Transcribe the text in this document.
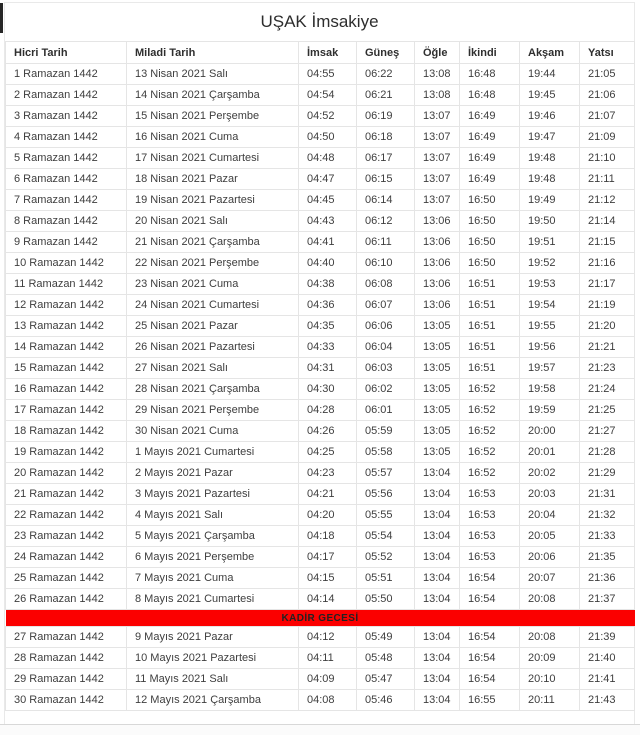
UŞAK İmsakiye
Hicri Tarih	Miladi Tarih	İmsak	Güneş	Öğle	İkindi	Akşam	Yatsı
1 Ramazan 1442	13 Nisan 2021 Salı	04:55	06:22	13:08	16:48	19:44	21:05
2 Ramazan 1442	14 Nisan 2021 Çarşamba	04:54	06:21	13:08	16:48	19:45	21:06
3 Ramazan 1442	15 Nisan 2021 Perşembe	04:52	06:19	13:07	16:49	19:46	21:07
4 Ramazan 1442	16 Nisan 2021 Cuma	04:50	06:18	13:07	16:49	19:47	21:09
5 Ramazan 1442	17 Nisan 2021 Cumartesi	04:48	06:17	13:07	16:49	19:48	21:10
6 Ramazan 1442	18 Nisan 2021 Pazar	04:47	06:15	13:07	16:49	19:48	21:11
7 Ramazan 1442	19 Nisan 2021 Pazartesi	04:45	06:14	13:07	16:50	19:49	21:12
8 Ramazan 1442	20 Nisan 2021 Salı	04:43	06:12	13:06	16:50	19:50	21:14
9 Ramazan 1442	21 Nisan 2021 Çarşamba	04:41	06:11	13:06	16:50	19:51	21:15
10 Ramazan 1442	22 Nisan 2021 Perşembe	04:40	06:10	13:06	16:50	19:52	21:16
11 Ramazan 1442	23 Nisan 2021 Cuma	04:38	06:08	13:06	16:51	19:53	21:17
12 Ramazan 1442	24 Nisan 2021 Cumartesi	04:36	06:07	13:06	16:51	19:54	21:19
13 Ramazan 1442	25 Nisan 2021 Pazar	04:35	06:06	13:05	16:51	19:55	21:20
14 Ramazan 1442	26 Nisan 2021 Pazartesi	04:33	06:04	13:05	16:51	19:56	21:21
15 Ramazan 1442	27 Nisan 2021 Salı	04:31	06:03	13:05	16:51	19:57	21:23
16 Ramazan 1442	28 Nisan 2021 Çarşamba	04:30	06:02	13:05	16:52	19:58	21:24
17 Ramazan 1442	29 Nisan 2021 Perşembe	04:28	06:01	13:05	16:52	19:59	21:25
18 Ramazan 1442	30 Nisan 2021 Cuma	04:26	05:59	13:05	16:52	20:00	21:27
19 Ramazan 1442	1 Mayıs 2021 Cumartesi	04:25	05:58	13:05	16:52	20:01	21:28
20 Ramazan 1442	2 Mayıs 2021 Pazar	04:23	05:57	13:04	16:52	20:02	21:29
21 Ramazan 1442	3 Mayıs 2021 Pazartesi	04:21	05:56	13:04	16:53	20:03	21:31
22 Ramazan 1442	4 Mayıs 2021 Salı	04:20	05:55	13:04	16:53	20:04	21:32
23 Ramazan 1442	5 Mayıs 2021 Çarşamba	04:18	05:54	13:04	16:53	20:05	21:33
24 Ramazan 1442	6 Mayıs 2021 Perşembe	04:17	05:52	13:04	16:53	20:06	21:35
25 Ramazan 1442	7 Mayıs 2021 Cuma	04:15	05:51	13:04	16:54	20:07	21:36
26 Ramazan 1442	8 Mayıs 2021 Cumartesi	04:14	05:50	13:04	16:54	20:08	21:37
KADİR GECESİ							
27 Ramazan 1442	9 Mayıs 2021 Pazar	04:12	05:49	13:04	16:54	20:08	21:39
28 Ramazan 1442	10 Mayıs 2021 Pazartesi	04:11	05:48	13:04	16:54	20:09	21:40
29 Ramazan 1442	11 Mayıs 2021 Salı	04:09	05:47	13:04	16:54	20:10	21:41
30 Ramazan 1442	12 Mayıs 2021 Çarşamba	04:08	05:46	13:04	16:55	20:11	21:43
